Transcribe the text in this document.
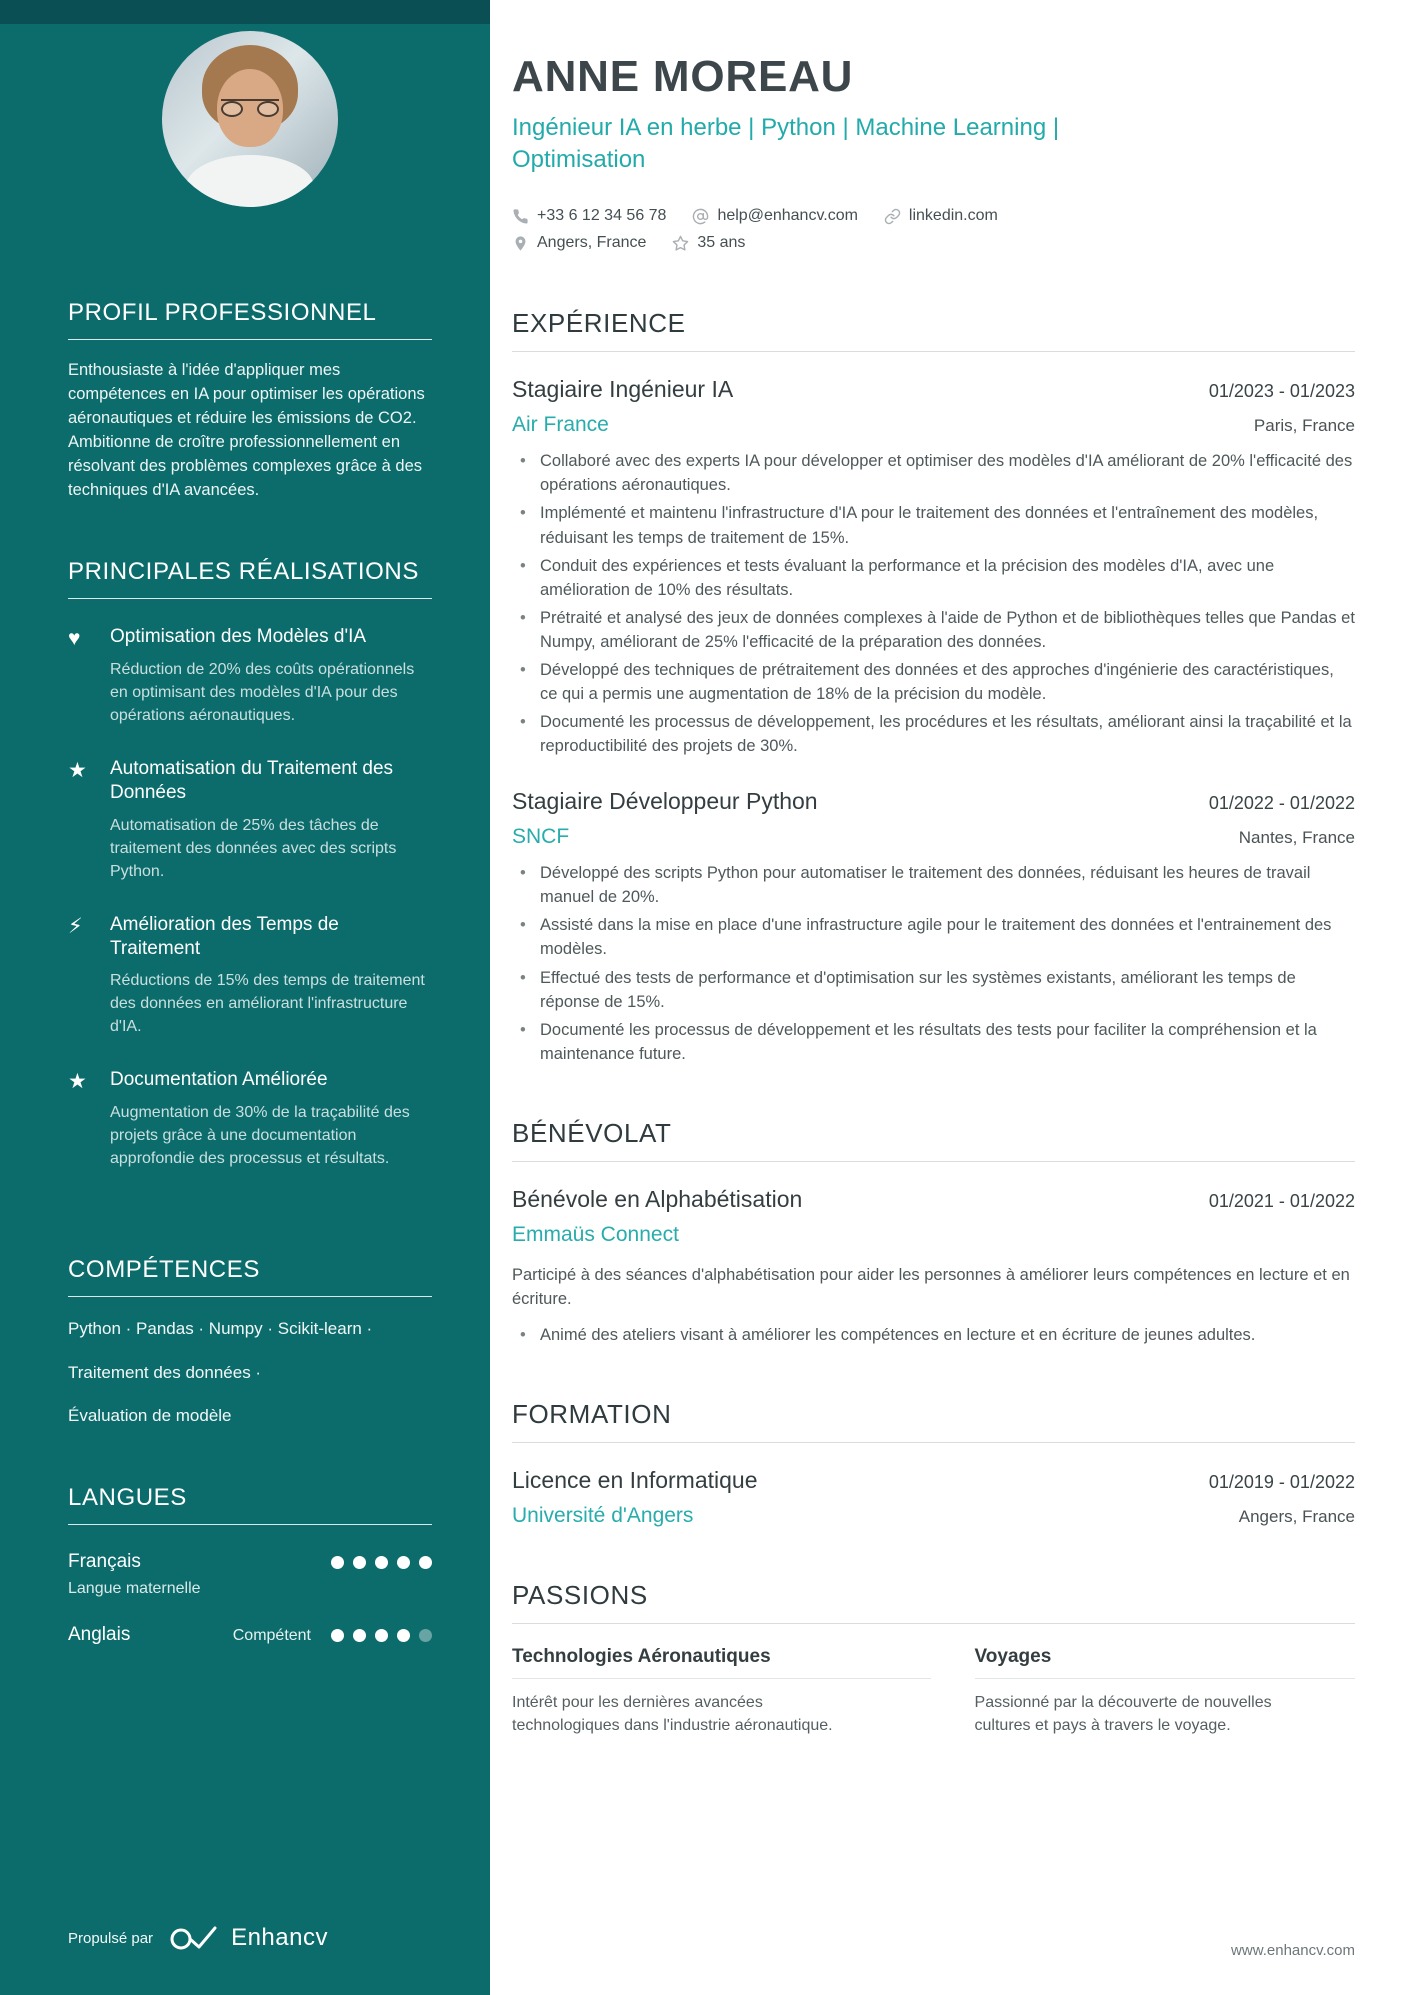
PROFIL PROFESSIONNEL

Enthousiaste à l'idée d'appliquer mes compétences en IA pour optimiser les opérations aéronautiques et réduire les émissions de CO2. Ambitionne de croître professionnellement en résolvant des problèmes complexes grâce à des techniques d'IA avancées.

PRINCIPALES RÉALISATIONS
♥	Optimisation des Modèles d'IA
Réduction de 20% des coûts opérationnels en optimisant des modèles d'IA pour des opérations aéronautiques.
★	Automatisation du Traitement des Données
Automatisation de 25% des tâches de traitement des données avec des scripts Python.
⚡	Amélioration des Temps de Traitement
Réductions de 15% des temps de traitement des données en améliorant l'infrastructure d'IA.
★	Documentation Améliorée
Augmentation de 30% de la traçabilité des projets grâce à une documentation approfondie des processus et résultats.
COMPÉTENCES
Python · Pandas · Numpy · Scikit-learn ·
Traitement des données ·
Évaluation de modèle
LANGUES
Français
Langue maternelle
Anglais	Compétent
Propulsé par	Enhancv
ANNE MOREAU
Ingénieur IA en herbe | Python | Machine Learning | Optimisation
+33 6 12 34 56 78	help@enhancv.com	linkedin.com
Angers, France	35 ans
EXPÉRIENCE
Stagiaire Ingénieur IA	01/2023 - 01/2023
Air France	Paris, France
• Collaboré avec des experts IA pour développer et optimiser des modèles d'IA améliorant de 20% l'efficacité des opérations aéronautiques.
• Implémenté et maintenu l'infrastructure d'IA pour le traitement des données et l'entraînement des modèles, réduisant les temps de traitement de 15%.
• Conduit des expériences et tests évaluant la performance et la précision des modèles d'IA, avec une amélioration de 10% des résultats.
• Prétraité et analysé des jeux de données complexes à l'aide de Python et de bibliothèques telles que Pandas et Numpy, améliorant de 25% l'efficacité de la préparation des données.
• Développé des techniques de prétraitement des données et des approches d'ingénierie des caractéristiques, ce qui a permis une augmentation de 18% de la précision du modèle.
• Documenté les processus de développement, les procédures et les résultats, améliorant ainsi la traçabilité et la reproductibilité des projets de 30%.
Stagiaire Développeur Python	01/2022 - 01/2022
SNCF	Nantes, France
• Développé des scripts Python pour automatiser le traitement des données, réduisant les heures de travail manuel de 20%.
• Assisté dans la mise en place d'une infrastructure agile pour le traitement des données et l'entrainement des modèles.
• Effectué des tests de performance et d'optimisation sur les systèmes existants, améliorant les temps de réponse de 15%.
• Documenté les processus de développement et les résultats des tests pour faciliter la compréhension et la maintenance future.
BÉNÉVOLAT
Bénévole en Alphabétisation	01/2021 - 01/2022
Emmaüs Connect

Participé à des séances d'alphabétisation pour aider les personnes à améliorer leurs compétences en lecture et en écriture.

• Animé des ateliers visant à améliorer les compétences en lecture et en écriture de jeunes adultes.
FORMATION
Licence en Informatique	01/2019 - 01/2022
Université d'Angers	Angers, France
PASSIONS
Technologies Aéronautiques
Intérêt pour les dernières avancées technologiques dans l'industrie aéronautique.
Voyages
Passionné par la découverte de nouvelles cultures et pays à travers le voyage.
www.enhancv.com
